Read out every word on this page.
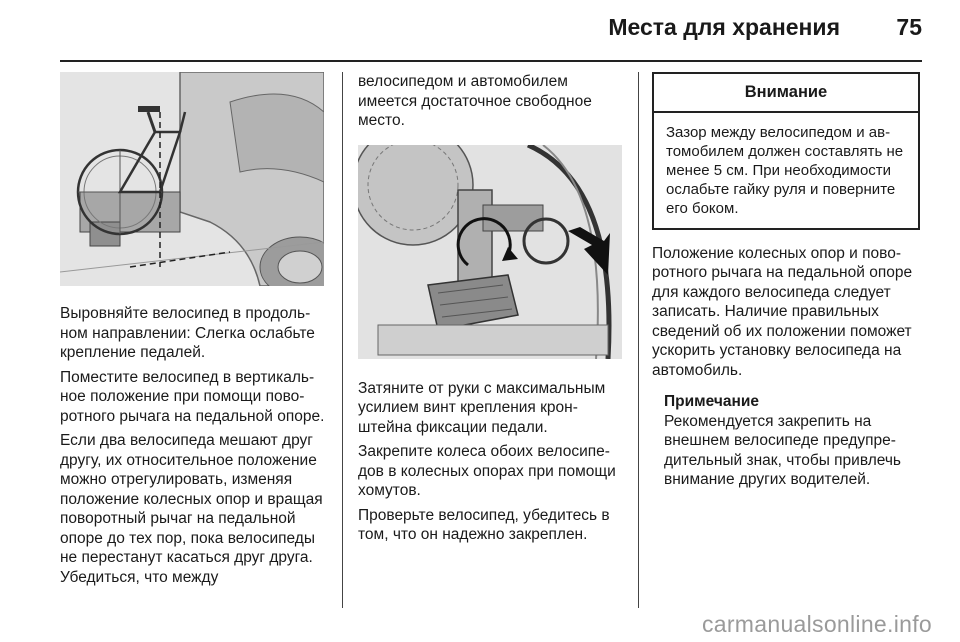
Места для хранения 75

Выровняйте велосипед в продольном направлении: Слегка ослабьте крепление педалей.

Поместите велосипед в вертикальное положение при помощи поворотного рычага на педальной опоре.

Если два велосипеда мешают друг другу, их относительное положение можно отрегулировать, изменяя положение колесных опор и вращая поворотный рычаг на педальной опоре до тех пор, пока велосипеды не перестанут касаться друг друга. Убедиться, что между

велосипедом и автомобилем имеется достаточное свободное место.

Затяните от руки с максимальным усилием винт крепления кронштейна фиксации педали.

Закрепите колеса обоих велосипедов в колесных опорах при помощи хомутов.

Проверьте велосипед, убедитесь в том, что он надежно закреплен.

Внимание
Зазор между велосипедом и автомобилем должен составлять не менее 5 см. При необходимости ослабьте гайку руля и поверните его боком.

Положение колесных опор и поворотного рычага на педальной опоре для каждого велосипеда следует записать. Наличие правильных сведений об их положении поможет ускорить установку велосипеда на автомобиль.

Примечание
Рекомендуется закрепить на внешнем велосипеде предупредительный знак, чтобы привлечь внимание других водителей.
carmanualsonline.info
